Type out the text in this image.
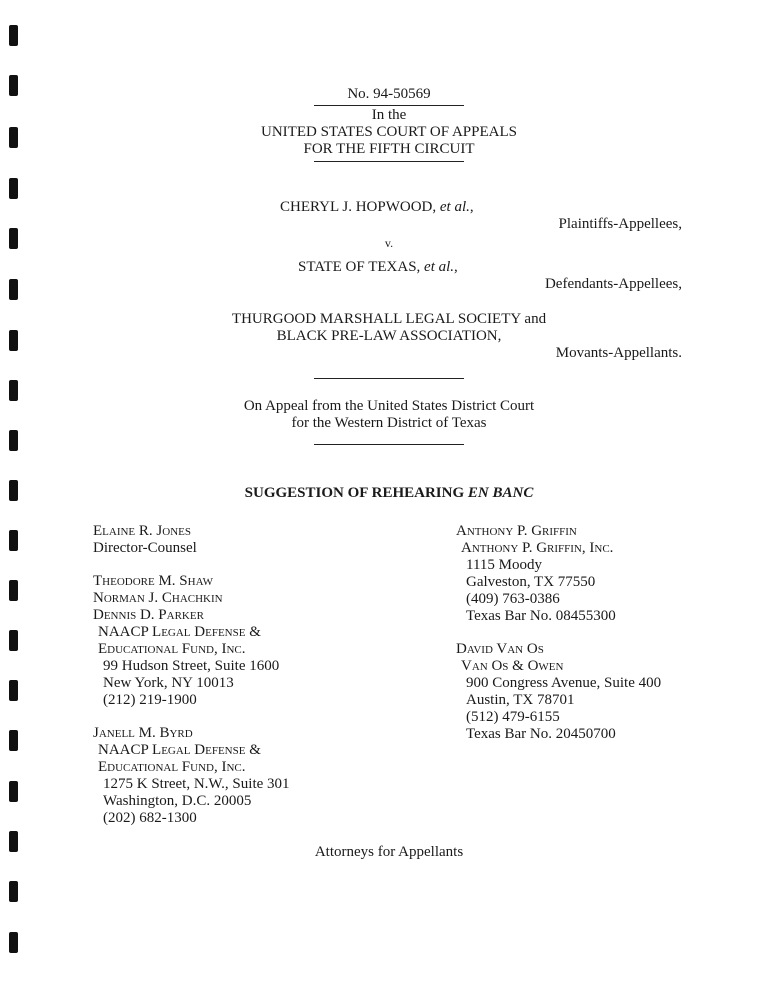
No. 94-50569
In the
UNITED STATES COURT OF APPEALS
FOR THE FIFTH CIRCUIT
CHERYL J. HOPWOOD, et al.,
Plaintiffs-Appellees,
v.
STATE OF TEXAS, et al.,
Defendants-Appellees,
THURGOOD MARSHALL LEGAL SOCIETY and
BLACK PRE-LAW ASSOCIATION,
Movants-Appellants.
On Appeal from the United States District Court
for the Western District of Texas
SUGGESTION OF REHEARING EN BANC
Elaine R. Jones
Director-Counsel
Theodore M. Shaw
Norman J. Chachkin
Dennis D. Parker
NAACP Legal Defense &
Educational Fund, Inc.
99 Hudson Street, Suite 1600
New York, NY 10013
(212) 219-1900
Janell M. Byrd
NAACP Legal Defense &
Educational Fund, Inc.
1275 K Street, N.W., Suite 301
Washington, D.C. 20005
(202) 682-1300
Anthony P. Griffin
Anthony P. Griffin, Inc.
1115 Moody
Galveston, TX 77550
(409) 763-0386
Texas Bar No. 08455300
David Van Os
Van Os & Owen
900 Congress Avenue, Suite 400
Austin, TX 78701
(512) 479-6155
Texas Bar No. 20450700
Attorneys for Appellants
